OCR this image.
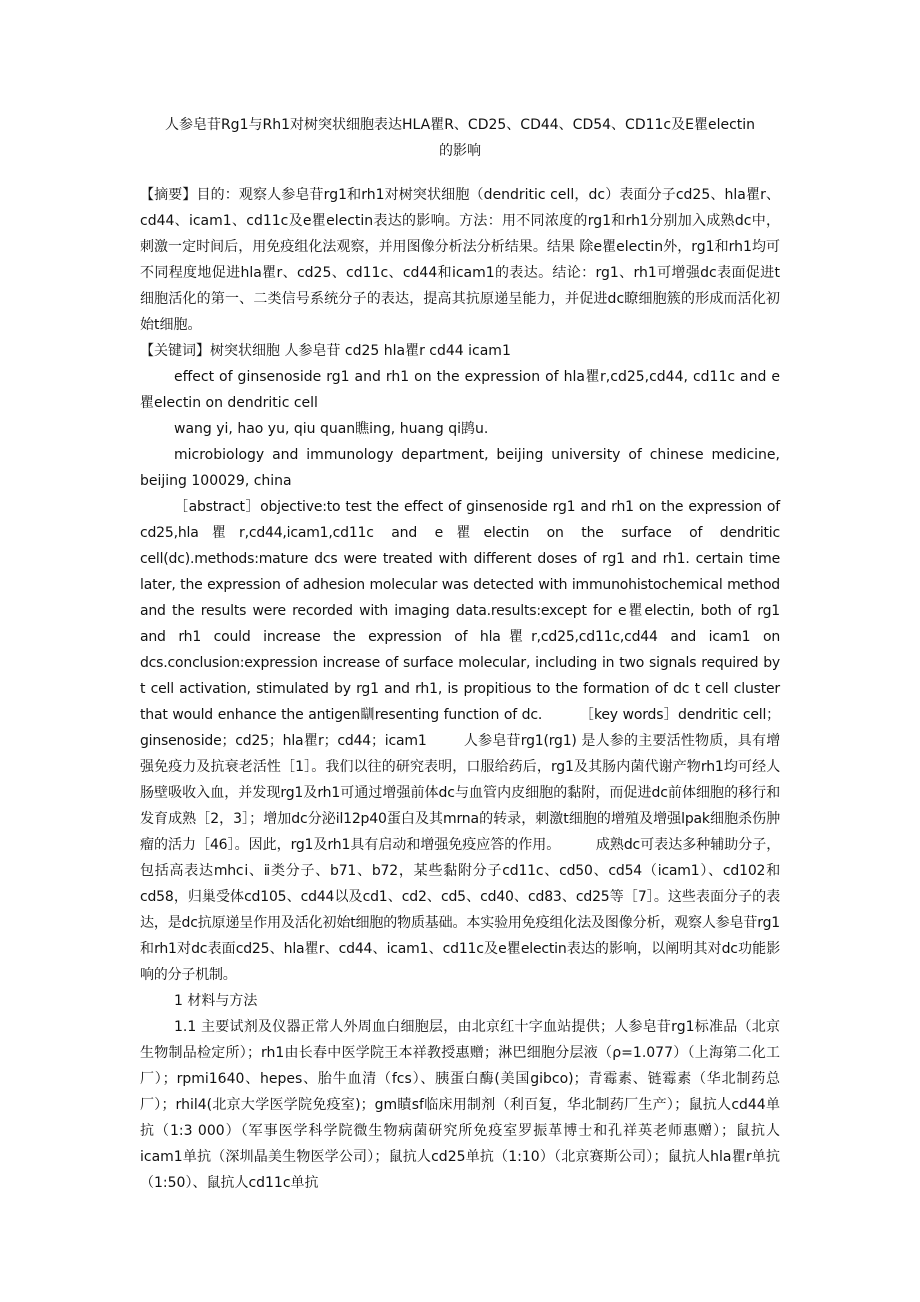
人参皂苷Rg1与Rh1对树突状细胞表达HLA瞿R、CD25、CD44、CD54、CD11c及E瞿electin
的影响

【摘要】目的：观察人参皂苷rg1和rh1对树突状细胞（dendritic cell，dc）表面分子cd25、hla瞿r、cd44、icam1、cd11c及e瞿electin表达的影响。方法：用不同浓度的rg1和rh1分别加入成熟dc中，刺激一定时间后，用免疫组化法观察，并用图像分析法分析结果。结果 除e瞿electin外，rg1和rh1均可不同程度地促进hla瞿r、cd25、cd11c、cd44和icam1的表达。结论：rg1、rh1可增强dc表面促进t细胞活化的第一、二类信号系统分子的表达，提高其抗原递呈能力，并促进dc瞭细胞簇的形成而活化初始t细胞。

【关键词】树突状细胞 人参皂苷 cd25 hla瞿r cd44 icam1

effect of ginsenoside rg1 and rh1 on the expression of hla瞿r,cd25,cd44, cd11c and e瞿electin on dendritic cell

wang yi, hao yu, qiu quan瞧ing, huang qi鹍u.

microbiology and immunology department, beijing university of chinese medicine, beijing 100029, china

［abstract］objective:to test the effect of ginsenoside rg1 and rh1 on the expression of cd25,hla瞿r,cd44,icam1,cd11c and e瞿electin on the surface of dendritic cell(dc).methods:mature dcs were treated with different doses of rg1 and rh1. certain time later, the expression of adhesion molecular was detected with immunohistochemical method and the results were recorded with imaging data.results:except for e瞿electin, both of rg1 and rh1 could increase the expression of hla瞿r,cd25,cd11c,cd44 and icam1 on dcs.conclusion:expression increase of surface molecular, including in two signals required by t cell activation, stimulated by rg1 and rh1, is propitious to the formation of dc t cell cluster that would enhance the antigen瞓resenting function of dc.	［key words］dendritic cell；ginsenoside；cd25；hla瞿r；cd44；icam1	人参皂苷rg1(rg1) 是人参的主要活性物质，具有增强免疫力及抗衰老活性［1］。我们以往的研究表明，口服给药后，rg1及其肠内菌代谢产物rh1均可经人肠壁吸收入血，并发现rg1及rh1可通过增强前体dc与血管内皮细胞的黏附，而促进dc前体细胞的移行和发育成熟［2，3］；增加dc分泌il12p40蛋白及其mrna的转录，刺激t细胞的增殖及增强lpak细胞杀伤肿瘤的活力［46］。因此，rg1及rh1具有启动和增强免疫应答的作用。	成熟dc可表达多种辅助分子，包括高表达mhcⅰ、ⅱ类分子、b71、b72，某些黏附分子cd11c、cd50、cd54（icam1）、cd102和cd58，归巢受体cd105、cd44以及cd1、cd2、cd5、cd40、cd83、cd25等［7］。这些表面分子的表达，是dc抗原递呈作用及活化初始t细胞的物质基础。本实验用免疫组化法及图像分析，观察人参皂苷rg1和rh1对dc表面cd25、hla瞿r、cd44、icam1、cd11c及e瞿electin表达的影响，以阐明其对dc功能影响的分子机制。

1 材料与方法

1.1 主要试剂及仪器正常人外周血白细胞层，由北京红十字血站提供；人参皂苷rg1标准品（北京生物制品检定所）；rh1由长春中医学院王本祥教授惠赠；淋巴细胞分层液（ρ=1.077）（上海第二化工厂）；rpmi1640、hepes、胎牛血清（fcs）、胰蛋白酶(美国gibco)；青霉素、链霉素（华北制药总厂）；rhil4(北京大学医学院免疫室)；gm瞔sf临床用制剂（利百复，华北制药厂生产）；鼠抗人cd44单抗（1:3 000）（军事医学科学院微生物病菌研究所免疫室罗振革博士和孔祥英老师惠赠）；鼠抗人icam1单抗（深圳晶美生物医学公司）；鼠抗人cd25单抗（1:10）（北京赛斯公司）；鼠抗人hla瞿r单抗（1:50）、鼠抗人cd11c单抗
